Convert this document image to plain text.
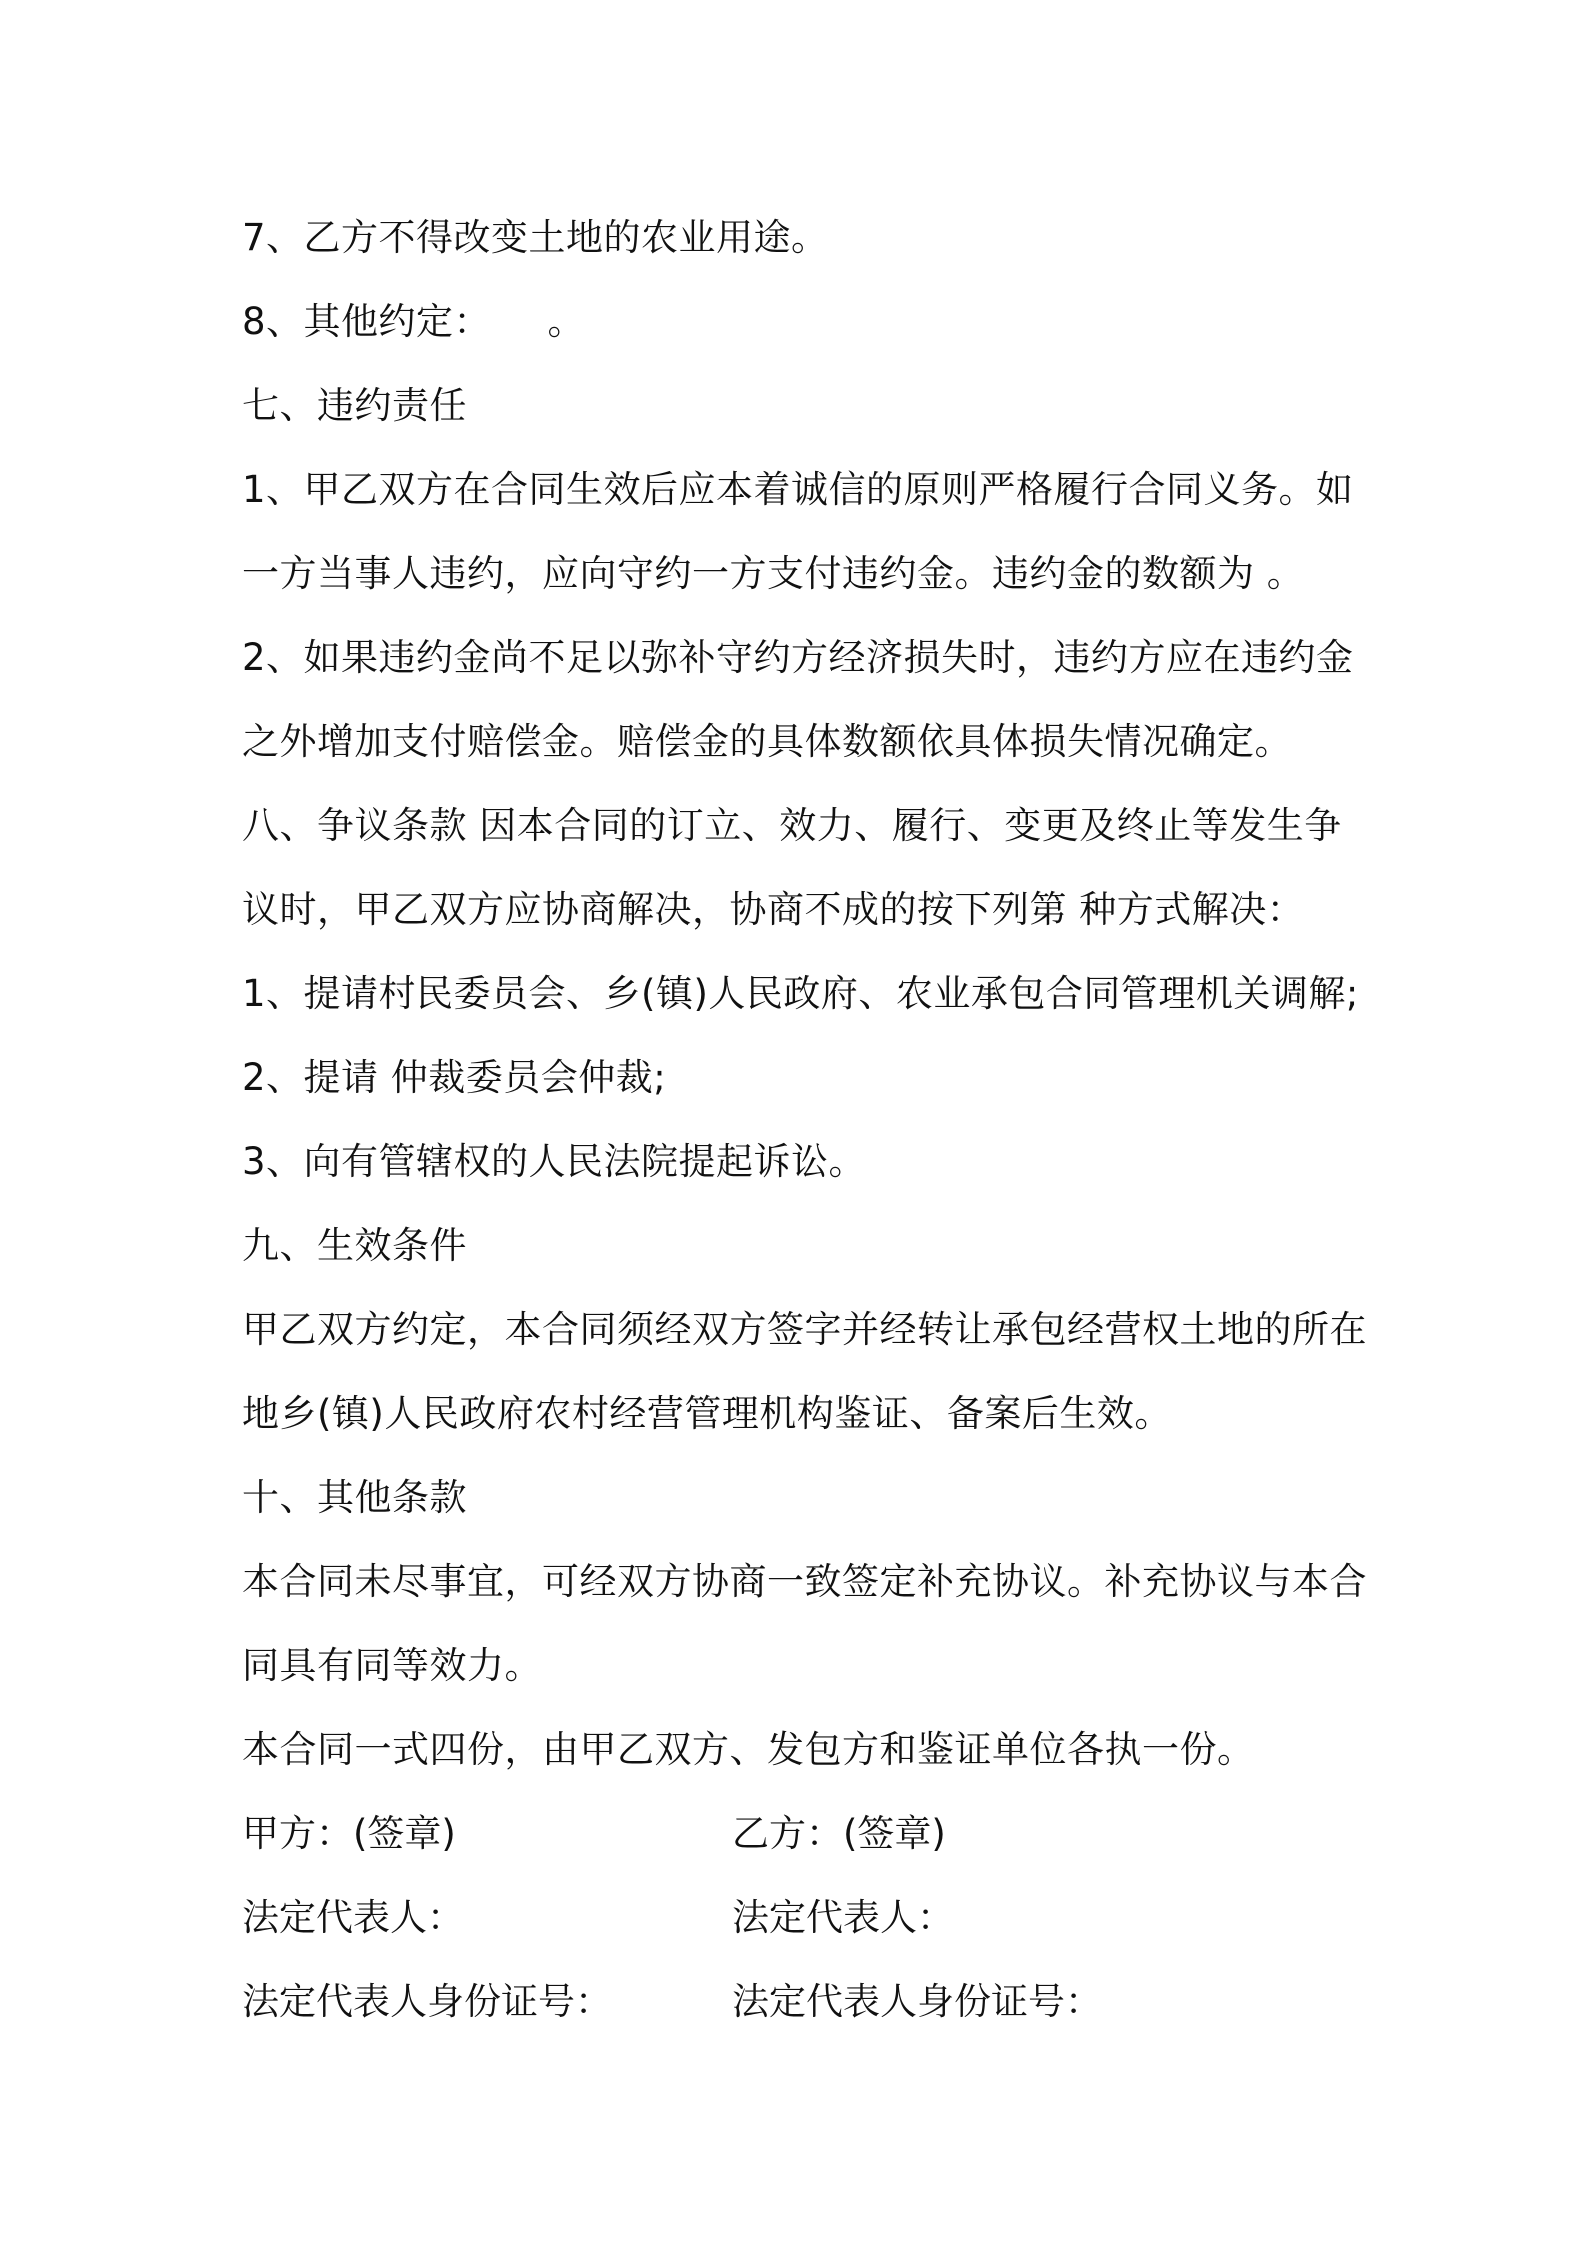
7、乙方不得改变土地的农业用途。
8、其他约定：　　。
七、违约责任
1、甲乙双方在合同生效后应本着诚信的原则严格履行合同义务。如
一方当事人违约，应向守约一方支付违约金。违约金的数额为 。
2、如果违约金尚不足以弥补守约方经济损失时，违约方应在违约金
之外增加支付赔偿金。赔偿金的具体数额依具体损失情况确定。
八、争议条款 因本合同的订立、效力、履行、变更及终止等发生争
议时，甲乙双方应协商解决，协商不成的按下列第 种方式解决：
1、提请村民委员会、乡(镇)人民政府、农业承包合同管理机关调解;
2、提请 仲裁委员会仲裁;
3、向有管辖权的人民法院提起诉讼。
九、生效条件
甲乙双方约定，本合同须经双方签字并经转让承包经营权土地的所在
地乡(镇)人民政府农村经营管理机构鉴证、备案后生效。
十、其他条款
本合同未尽事宜，可经双方协商一致签定补充协议。补充协议与本合
同具有同等效力。
本合同一式四份，由甲乙双方、发包方和鉴证单位各执一份。
甲方：(签章)	乙方：(签章)
法定代表人：	法定代表人：
法定代表人身份证号：	法定代表人身份证号：
